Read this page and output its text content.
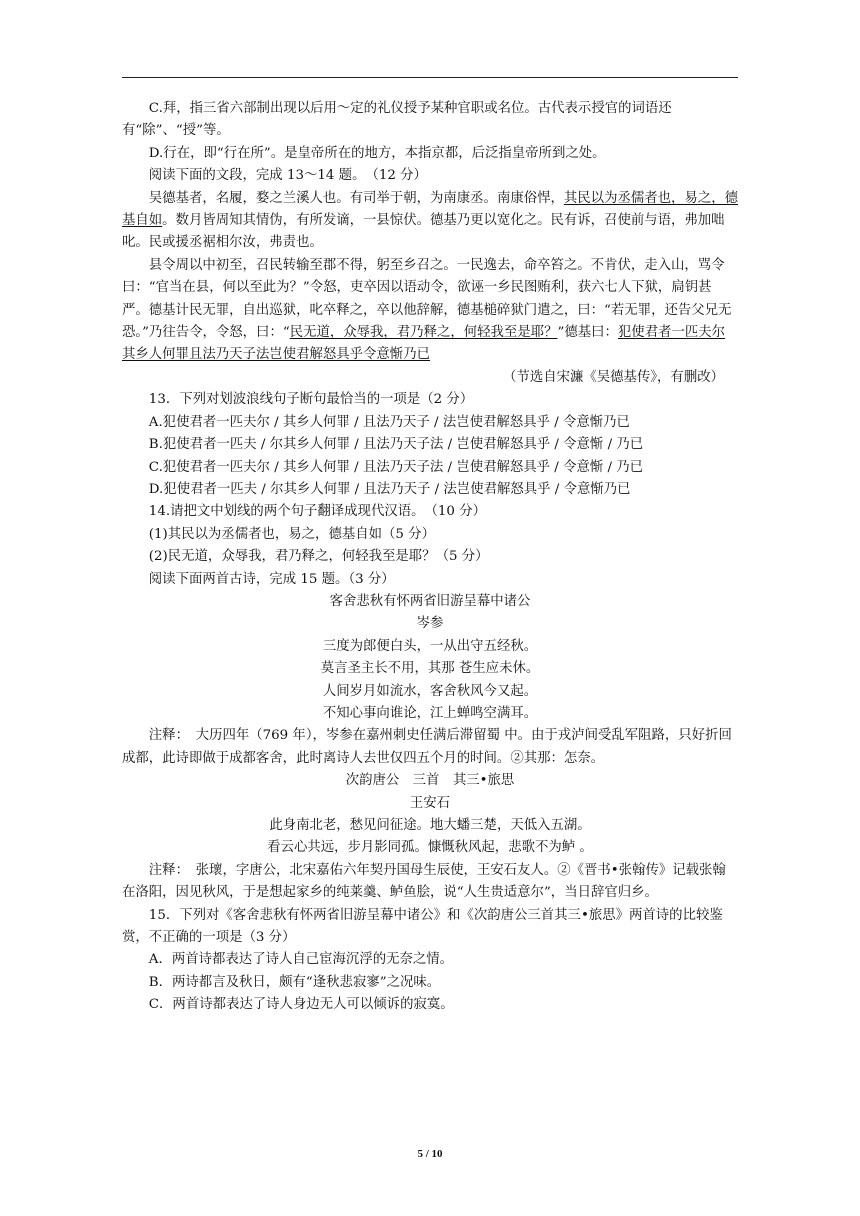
C.拜，指三省六部制出现以后用～定的礼仪授予某种官职或名位。古代表示授官的词语还有“除”、“授”等。

D.行在，即“行在所”。是皇帝所在的地方，本指京都，后泛指皇帝所到之处。

阅读下面的文段，完成 13～14 题。　（12 分）

吴德基者，名履，婺之兰溪人也。有司举于朝，为南康丞。南康俗悍，其民以为丞儒者也，易之，德基自如。数月皆周知其情伪，有所发谪，一县惊伏。德基乃更以宽化之。民有诉，召使前与语，弗加咄叱。民或援丞裾相尔汝，弗责也。

县令周以中初至，召民转输至郡不得，躬至乡召之。一民逸去，命卒笞之。不肯伏，走入山，骂令曰：“官当在县，何以至此为？”令怒，吏卒因以语动令，欲诬一乡民图贿利，获六七人下狱，扃钥甚严。德基计民无罪，自出巡狱，叱卒释之，卒以他辞解，德基槌碎狱门遣之，曰：“若无罪，还告父兄无恐。”乃往告令，令怒，曰：“民无道，众辱我，君乃释之，何轻我至是耶？”德基曰：犯使君者一匹夫尔其乡人何罪且法乃天子法岂使君解怒具乎令意惭乃已

（节选自宋濂《吴德基传》，有删改）

13．下列对划波浪线句子断句最恰当的一项是（2 分）

A.犯使君者一匹夫尔 / 其乡人何罪 / 且法乃天子 / 法岂使君解怒具乎 / 令意惭乃已

B.犯使君者一匹夫 / 尔其乡人何罪 / 且法乃天子法 / 岂使君解怒具乎 / 令意惭 / 乃已

C.犯使君者一匹夫尔 / 其乡人何罪 / 且法乃天子法 / 岂使君解怒具乎 / 令意惭 / 乃已

D.犯使君者一匹夫 / 尔其乡人何罪 / 且法乃天子 / 法岂使君解怒具乎 / 令意惭乃已

14.请把文中划线的两个句子翻译成现代汉语。　（10 分）

(1)其民以为丞儒者也，易之，德基自如（5 分）

(2)民无道，众辱我，君乃释之，何轻我至是耶？（5 分）

阅读下面两首古诗，完成 15 题。（3 分）

客舍悲秋有怀两省旧游呈幕中诸公

岑参

三度为郎便白头，一从出守五经秋。

莫言圣主长不用，其那 苍生应未休。

人间岁月如流水，客舍秋风今又起。

不知心事向谁论，江上蝉鸣空满耳。

注释：　大历四年（769 年），岑参在嘉州刺史任满后滞留蜀 中。由于戎泸间受乱军阻路，只好折回成都，此诗即做于成都客舍，此时离诗人去世仅四五个月的时间。②其那：怎奈。

次韵唐公　三首　其三•旅思

王安石

此身南北老，愁见问征途。地大蟠三楚，天低入五湖。

看云心共远，步月影同孤。慷慨秋风起，悲歌不为鲈 。

注释：　张瓌，字唐公，北宋嘉佑六年契丹国母生辰使，王安石友人。②《晋书•张翰传》记载张翰在洛阳，因见秋风，于是想起家乡的纯莱羹、鲈鱼脍，说“人生贵适意尔”，当日辞官归乡。

15．下列对《客舍悲秋有怀两省旧游呈幕中诸公》和《次韵唐公三首其三•旅思》两首诗的比较鉴赏，不正确的一项是（3 分）

A．两首诗都表达了诗人自己宦海沉浮的无奈之情。

B．两诗都言及秋日，颇有“逢秋悲寂寥”之况味。

C．两首诗都表达了诗人身边无人可以倾诉的寂寞。

5 / 10
